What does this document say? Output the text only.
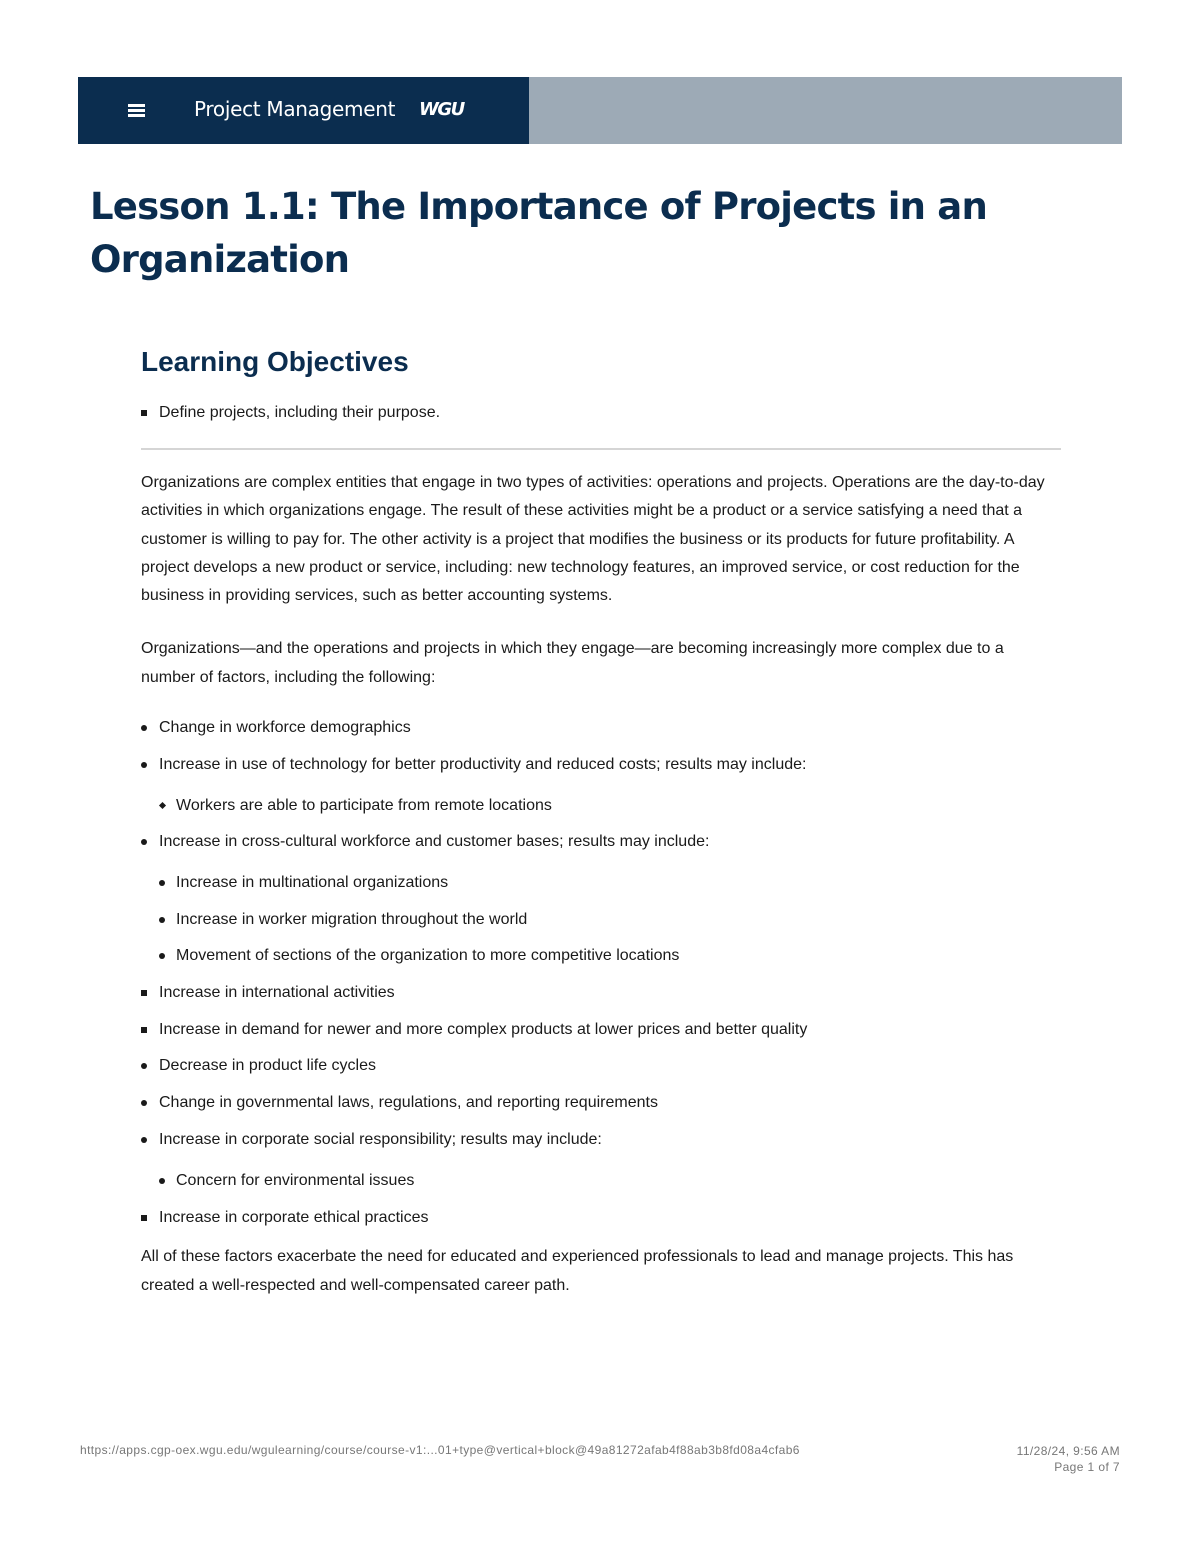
Project Management WGU
Lesson 1.1: The Importance of Projects in an Organization
Learning Objectives
Define projects, including their purpose.

Organizations are complex entities that engage in two types of activities: operations and projects. Operations are the day-to-day activities in which organizations engage. The result of these activities might be a product or a service satisfying a need that a customer is willing to pay for. The other activity is a project that modifies the business or its products for future profitability. A project develops a new product or service, including: new technology features, an improved service, or cost reduction for the business in providing services, such as better accounting systems.

Organizations—and the operations and projects in which they engage—are becoming increasingly more complex due to a number of factors, including the following:

Change in workforce demographics
Increase in use of technology for better productivity and reduced costs; results may include:
Workers are able to participate from remote locations
Increase in cross-cultural workforce and customer bases; results may include:
Increase in multinational organizations
Increase in worker migration throughout the world
Movement of sections of the organization to more competitive locations
Increase in international activities
Increase in demand for newer and more complex products at lower prices and better quality
Decrease in product life cycles
Change in governmental laws, regulations, and reporting requirements
Increase in corporate social responsibility; results may include:
Concern for environmental issues
Increase in corporate ethical practices

All of these factors exacerbate the need for educated and experienced professionals to lead and manage projects. This has created a well-respected and well-compensated career path.

https://apps.cgp-oex.wgu.edu/wgulearning/course/course-v1:...01+type@vertical+block@49a81272afab4f88ab3b8fd08a4cfab6	11/28/24, 9:56 AM
Page 1 of 7
